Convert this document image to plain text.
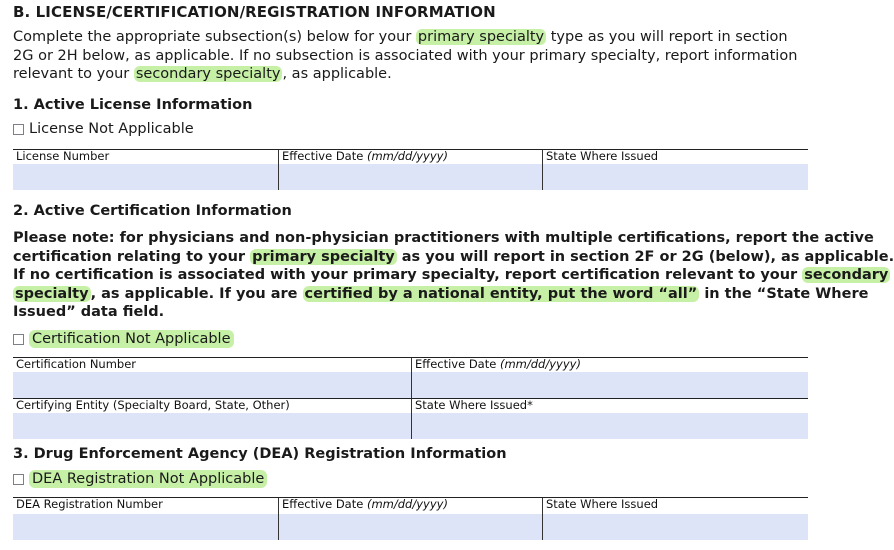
B. LICENSE/CERTIFICATION/REGISTRATION INFORMATION
Complete the appropriate subsection(s) below for your primary specialty type as you will report in section
2G or 2H below, as applicable. If no subsection is associated with your primary specialty, report information
relevant to your secondary specialty , as applicable.
1. Active License Information
License Not Applicable
License Number	Effective Date (mm/dd/yyyy)	State Where Issued
2. Active Certification Information
Please note: for physicians and non-physician practitioners with multiple certifications, report the active
certification relating to your primary specialty as you will report in section 2F or 2G (below), as applicable.
If no certification is associated with your primary specialty, report certification relevant to your secondary
specialty , as applicable. If you are certified by a national entity, put the word “all” in the “State Where
Issued” data field.
Certification Not Applicable
Certification Number	Effective Date (mm/dd/yyyy)
Certifying Entity (Specialty Board, State, Other)	State Where Issued*
3. Drug Enforcement Agency (DEA) Registration Information
DEA Registration Not Applicable
DEA Registration Number	Effective Date (mm/dd/yyyy)	State Where Issued
